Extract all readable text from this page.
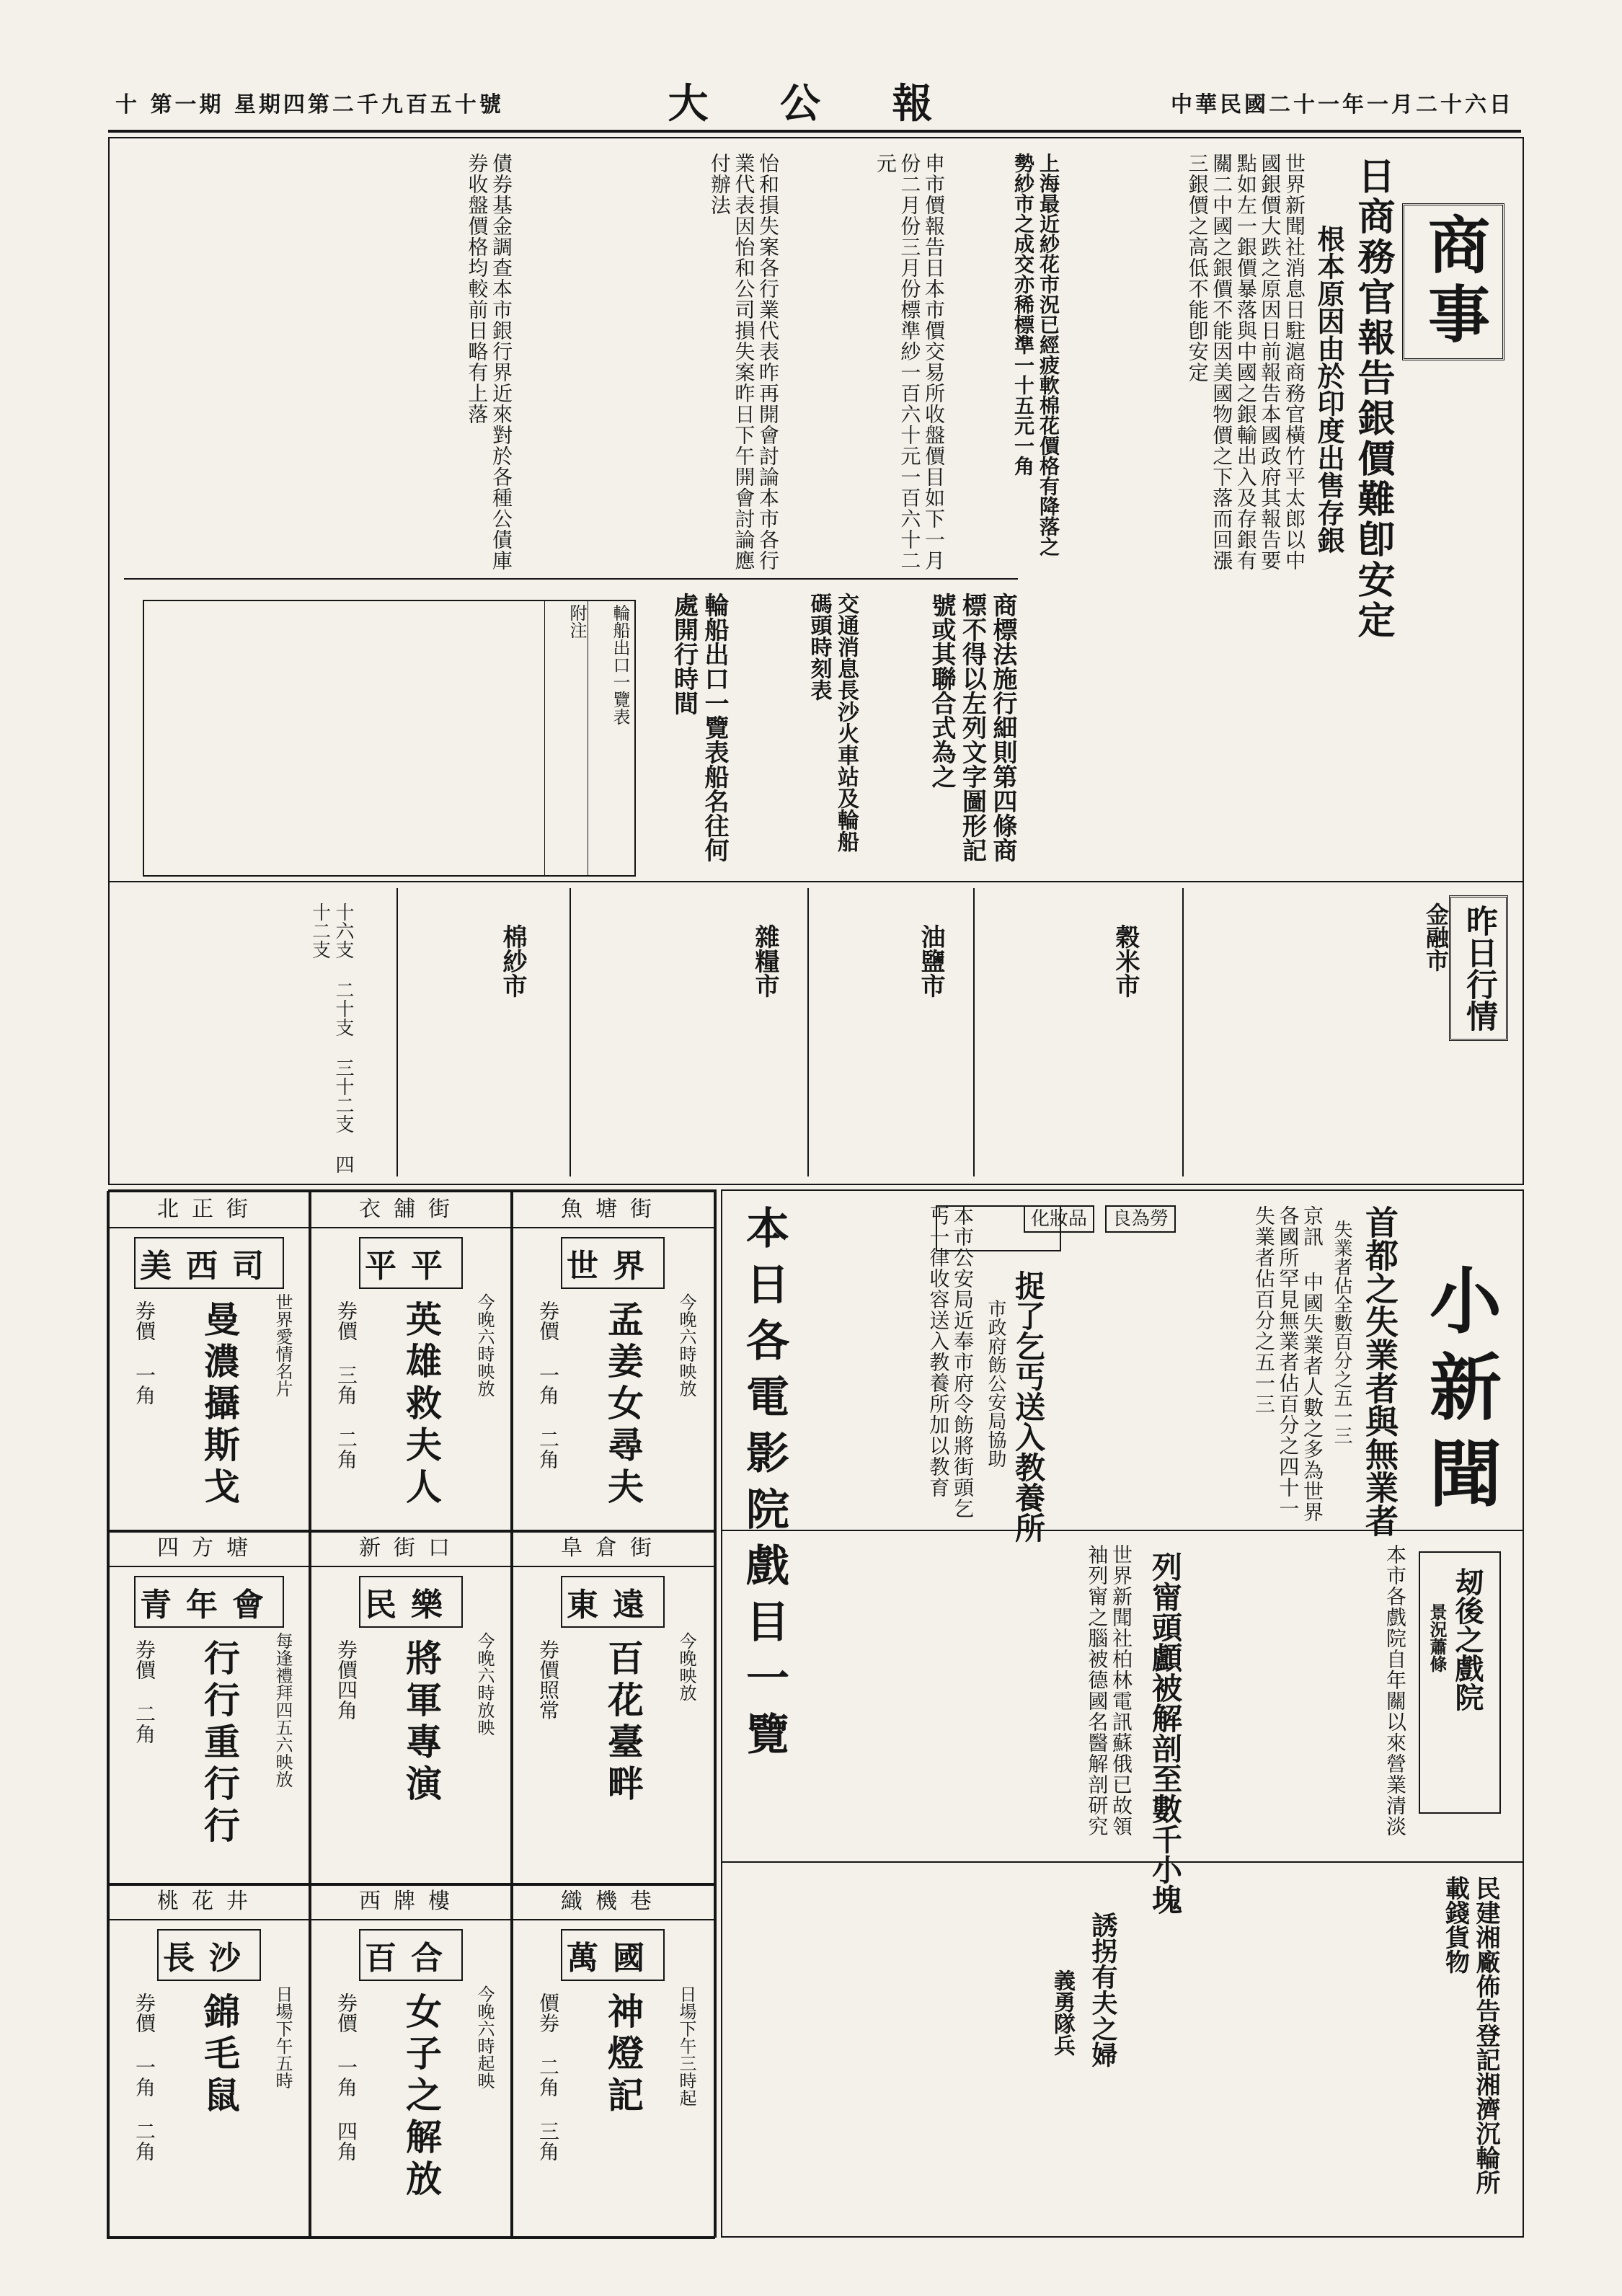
十 第一期 星期四第二千九百五十號	大 公 報	中華民國二十一年一月二十六日
商事
日商務官報告銀價難卽安定
根本原因由於印度出售存銀
世界新聞社消息日駐滬商務官橫竹平太郎以中國銀價大跌之原因日前報告本國政府其報告要點如左一銀價暴落與中國之銀輸出入及存銀有關二中國之銀價不能因美國物價之下落而回漲三銀價之高低不能卽安定
上海最近紗花市況已經疲軟棉花價格有降落之勢紗市之成交亦稀標準一十五元一角
申市價報告日本市價交易所收盤價目如下一月份二月份三月份標準紗一百六十元一百六十二元
怡和損失案各行業代表昨再開會討論本市各行業代表因怡和公司損失案昨日下午開會討論應付辦法
債券基金調查本市銀行界近來對於各種公債庫券收盤價格均較前日略有上落
商標法施行細則第四條商標不得以左列文字圖形記號或其聯合式為之
交通消息長沙火車站及輪船碼頭時刻表
輪船出口一覽表船名往何處開行時間
輪船出口一覽表
附注
昨日行情
金融市
穀米市
油鹽市
雜糧市
棉紗市
十六支 二十支 三十二支 四十二支
小新聞
首都之失業者與無業者
失業者佔全數百分之五一三
京訊 中國失業者人數之多為世界各國所罕見無業者佔百分之四十一失業者佔百分之五一三
捉了乞丐送入教養所
市政府飭公安局協助
本市公安局近奉市府令飭將街頭乞丐一律收容送入教養所加以教育
刼後之戲院
景況蕭條
本市各戲院自年關以來營業清淡
列甯頭顱被解剖至數千小塊
世界新聞社柏林電訊蘇俄已故領袖列甯之腦被德國名醫解剖研究
民建湘廠佈告登記湘濟沉輪所載錢貨物
誘拐有夫之婦
義勇隊兵
本日各電影院戲目一覽
魚塘街
世界
孟姜女尋夫 今晚六時映放
券價 一角 二角
衣舖街
平平
英雄救夫人 今晚六時映放
券價 三角 二角
北正街
美西司
曼濃攝斯戈 世界愛情名片
券價 一角
阜倉街
東遠
百花臺畔 今晚映放
券價照常
新街口
民樂
將軍專演 今晚六時放映
券價四角
四方塘
青年會
行行重行行 每逢禮拜四五六映放
券價 二角
織機巷
萬國
神燈記 日場下午三時起
價券 二角 三角
西牌樓
百合
女子之解放 今晚六時起映
券價 一角 四角
桃花井
長沙
錦毛鼠 日場下午五時
券價 一角 二角
化妝品 良為勞
